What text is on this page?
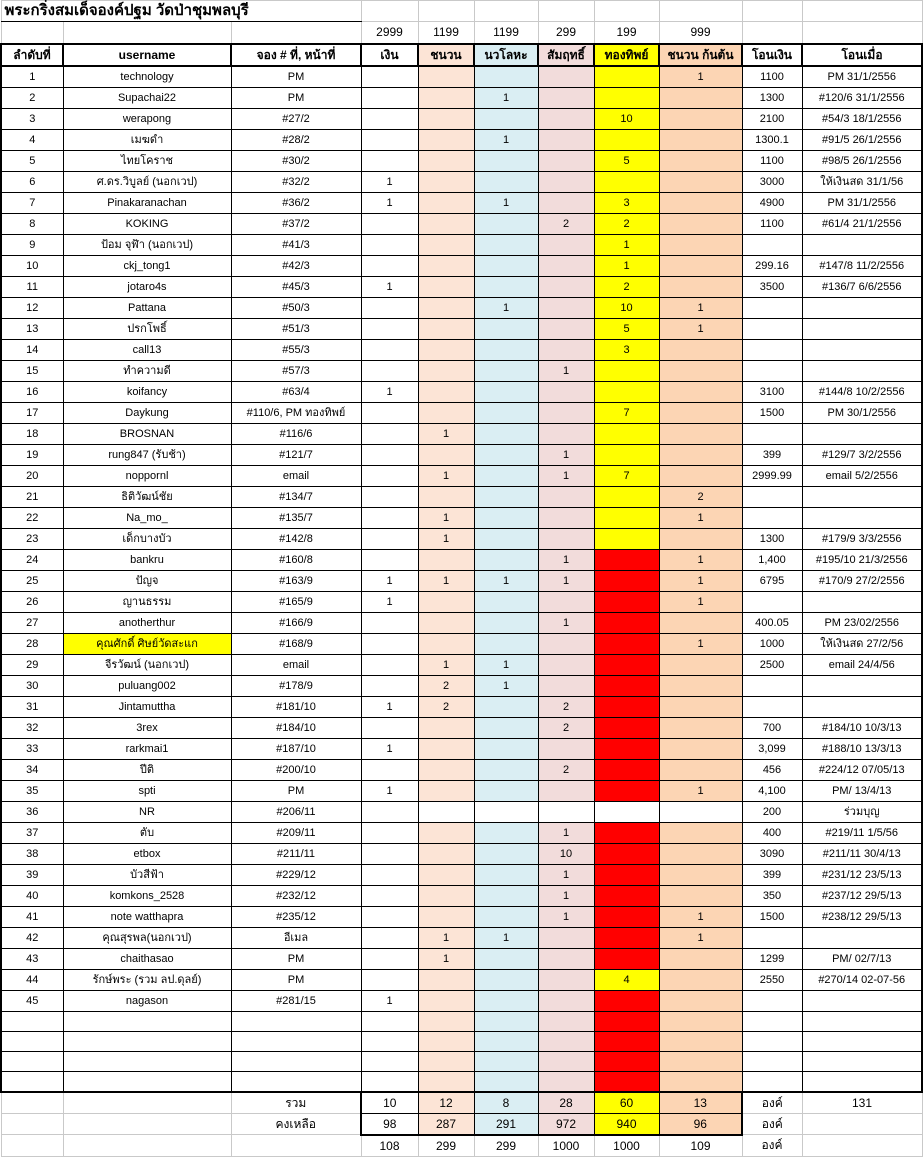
พระกริ่งสมเด็จองค์ปฐม วัดป่าชุมพลบุรี										
			2999	1199	1199	299	199	999		
ลำดับที่	username	จอง # ที่, หน้าที่	เงิน	ชนวน	นวโลหะ	สัมฤทธิ์	ทองทิพย์	ชนวน ก้นต้น	โอนเงิน	โอนเมื่อ
1	technology	PM						1	1100	PM 31/1/2556
2	Supachai22	PM			1				1300	#120/6 31/1/2556
3	werapong	#27/2					10		2100	#54/3 18/1/2556
4	เมฆดำ	#28/2			1				1300.1	#91/5 26/1/2556
5	ไทยโคราช	#30/2					5		1100	#98/5 26/1/2556
6	ศ.ดร.วิบูลย์ (นอกเวป)	#32/2	1						3000	ให้เงินสด 31/1/56
7	Pinakaranachan	#36/2	1		1		3		4900	PM 31/1/2556
8	KOKING	#37/2				2	2		1100	#61/4 21/1/2556
9	ป้อม จุฬ้า (นอกเวป)	#41/3					1			
10	ckj_tong1	#42/3					1		299.16	#147/8 11/2/2556
11	jotaro4s	#45/3	1				2		3500	#136/7 6/6/2556
12	Pattana	#50/3			1		10	1		
13	ปรกโพธิ์	#51/3					5	1		
14	call13	#55/3					3			
15	ทำความดี	#57/3				1				
16	koifancy	#63/4	1						3100	#144/8 10/2/2556
17	Daykung	#110/6, PM ทองทิพย์					7		1500	PM 30/1/2556
18	BROSNAN	#116/6		1						
19	rung847 (รับช้า)	#121/7				1			399	#129/7 3/2/2556
20	noppornl	email		1		1	7		2999.99	email 5/2/2556
21	ธิติวัฒน์ชัย	#134/7						2		
22	Na_mo_	#135/7		1				1		
23	เด็กบางบัว	#142/8		1					1300	#179/9 3/3/2556
24	bankru	#160/8				1		1	1,400	#195/10 21/3/2556
25	ปัญจ	#163/9	1	1	1	1		1	6795	#170/9 27/2/2556
26	ญานธรรม	#165/9	1					1		
27	anotherthur	#166/9				1			400.05	PM 23/02/2556
28	คุณศักดิ์ ศิษย์วัดสะแก	#168/9						1	1000	ให้เงินสด 27/2/56
29	จีรวัฒน์ (นอกเวป)	email		1	1				2500	email 24/4/56
30	puluang002	#178/9		2	1					
31	Jintamuttha	#181/10	1	2		2				
32	3rex	#184/10				2			700	#184/10 10/3/13
33	rarkmai1	#187/10	1						3,099	#188/10 13/3/13
34	ปีติ	#200/10				2			456	#224/12 07/05/13
35	spti	PM	1					1	4,100	PM/ 13/4/13
36	NR	#206/11							200	ร่วมบุญ
37	ตับ	#209/11				1			400	#219/11 1/5/56
38	etbox	#211/11				10			3090	#211/11 30/4/13
39	บัวสีฟ้า	#229/12				1			399	#231/12 23/5/13
40	komkons_2528	#232/12				1			350	#237/12 29/5/13
41	note watthapra	#235/12				1		1	1500	#238/12 29/5/13
42	คุณสุรพล(นอกเวป)	อีเมล		1	1			1		
43	chaithasao	PM		1					1299	PM/ 02/7/13
44	รักษ์พระ (รวม ลป.ดุลย์)	PM					4		2550	#270/14 02-07-56
45	nagason	#281/15	1							

		รวม	10	12	8	28	60	13	องค์	131
		คงเหลือ	98	287	291	972	940	96	องค์	
			108	299	299	1000	1000	109	องค์	
